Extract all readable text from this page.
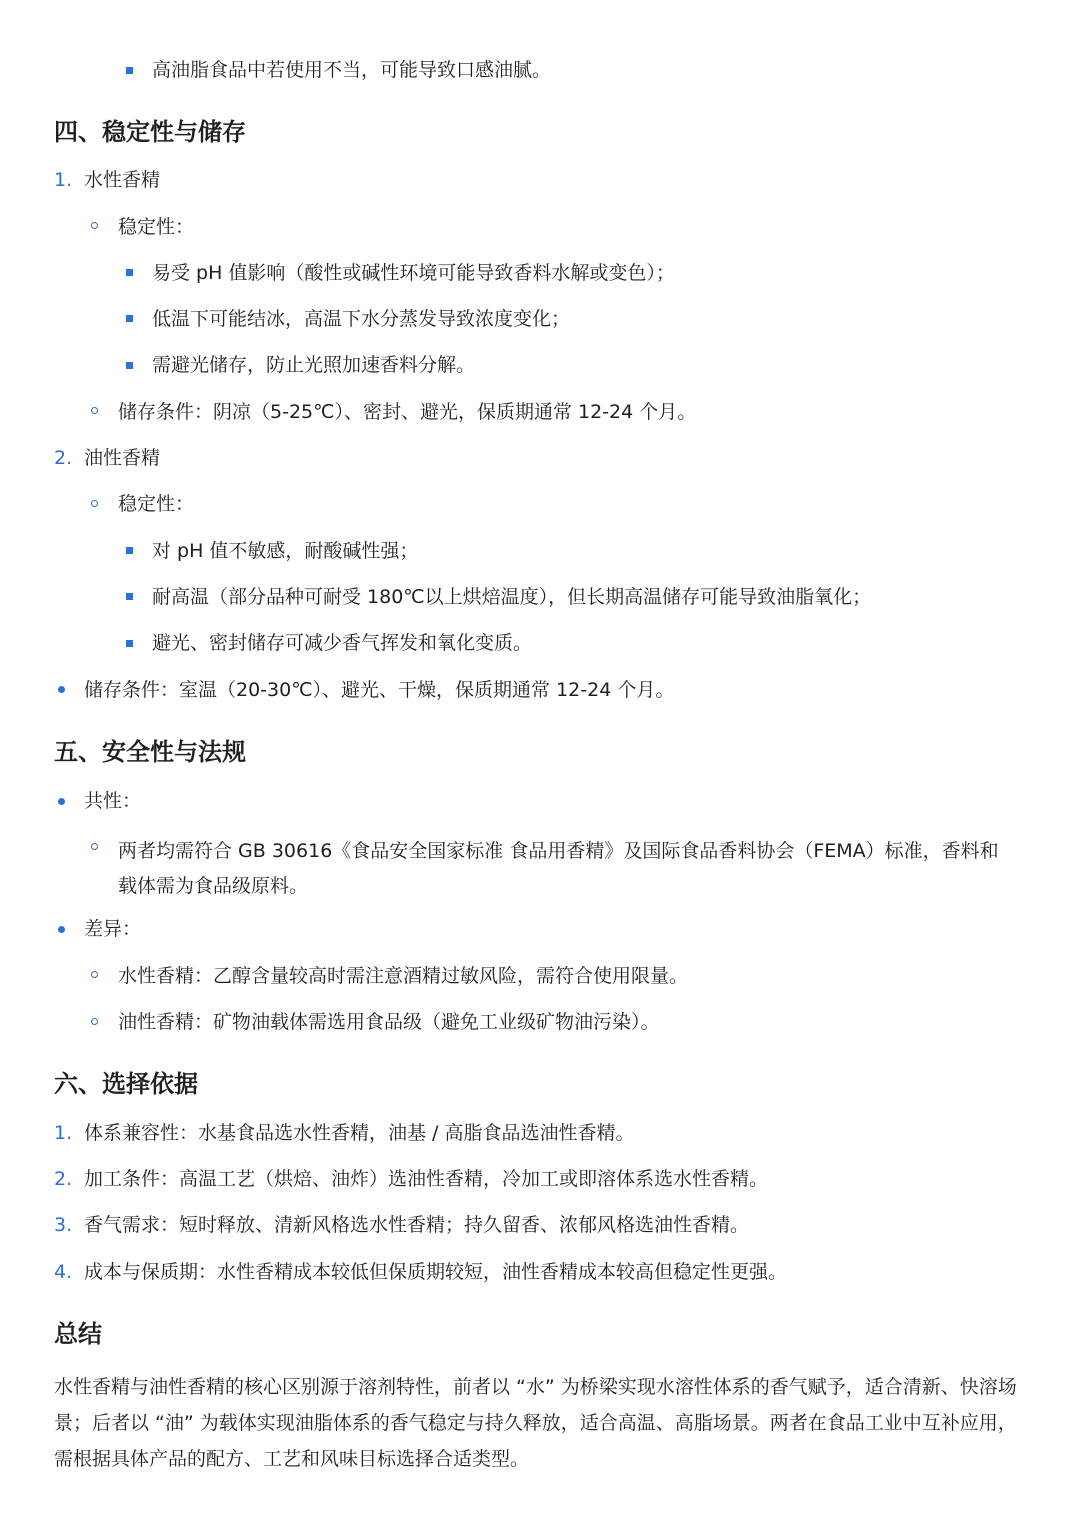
高油脂食品中若使用不当，可能导致口感油腻。
四、稳定性与储存
1. 水性香精
稳定性：
易受 pH 值影响（酸性或碱性环境可能导致香料水解或变色）；
低温下可能结冰，高温下水分蒸发导致浓度变化；
需避光储存，防止光照加速香料分解。
储存条件：阴凉（5-25℃）、密封、避光，保质期通常 12-24 个月。
2. 油性香精
稳定性：
对 pH 值不敏感，耐酸碱性强；
耐高温（部分品种可耐受 180℃以上烘焙温度），但长期高温储存可能导致油脂氧化；
避光、密封储存可减少香气挥发和氧化变质。
储存条件：室温（20-30℃）、避光、干燥，保质期通常 12-24 个月。
五、安全性与法规
共性：
两者均需符合 GB 30616《食品安全国家标准 食品用香精》及国际食品香料协会（FEMA）标准，香料和载体需为食品级原料。
差异：
水性香精：乙醇含量较高时需注意酒精过敏风险，需符合使用限量。
油性香精：矿物油载体需选用食品级（避免工业级矿物油污染）。
六、选择依据
1. 体系兼容性：水基食品选水性香精，油基 / 高脂食品选油性香精。
2. 加工条件：高温工艺（烘焙、油炸）选油性香精，冷加工或即溶体系选水性香精。
3. 香气需求：短时释放、清新风格选水性香精；持久留香、浓郁风格选油性香精。
4. 成本与保质期：水性香精成本较低但保质期较短，油性香精成本较高但稳定性更强。
总结
水性香精与油性香精的核心区别源于溶剂特性，前者以 “水” 为桥梁实现水溶性体系的香气赋予，适合清新、快溶场景；后者以 “油” 为载体实现油脂体系的香气稳定与持久释放，适合高温、高脂场景。两者在食品工业中互补应用，需根据具体产品的配方、工艺和风味目标选择合适类型。
